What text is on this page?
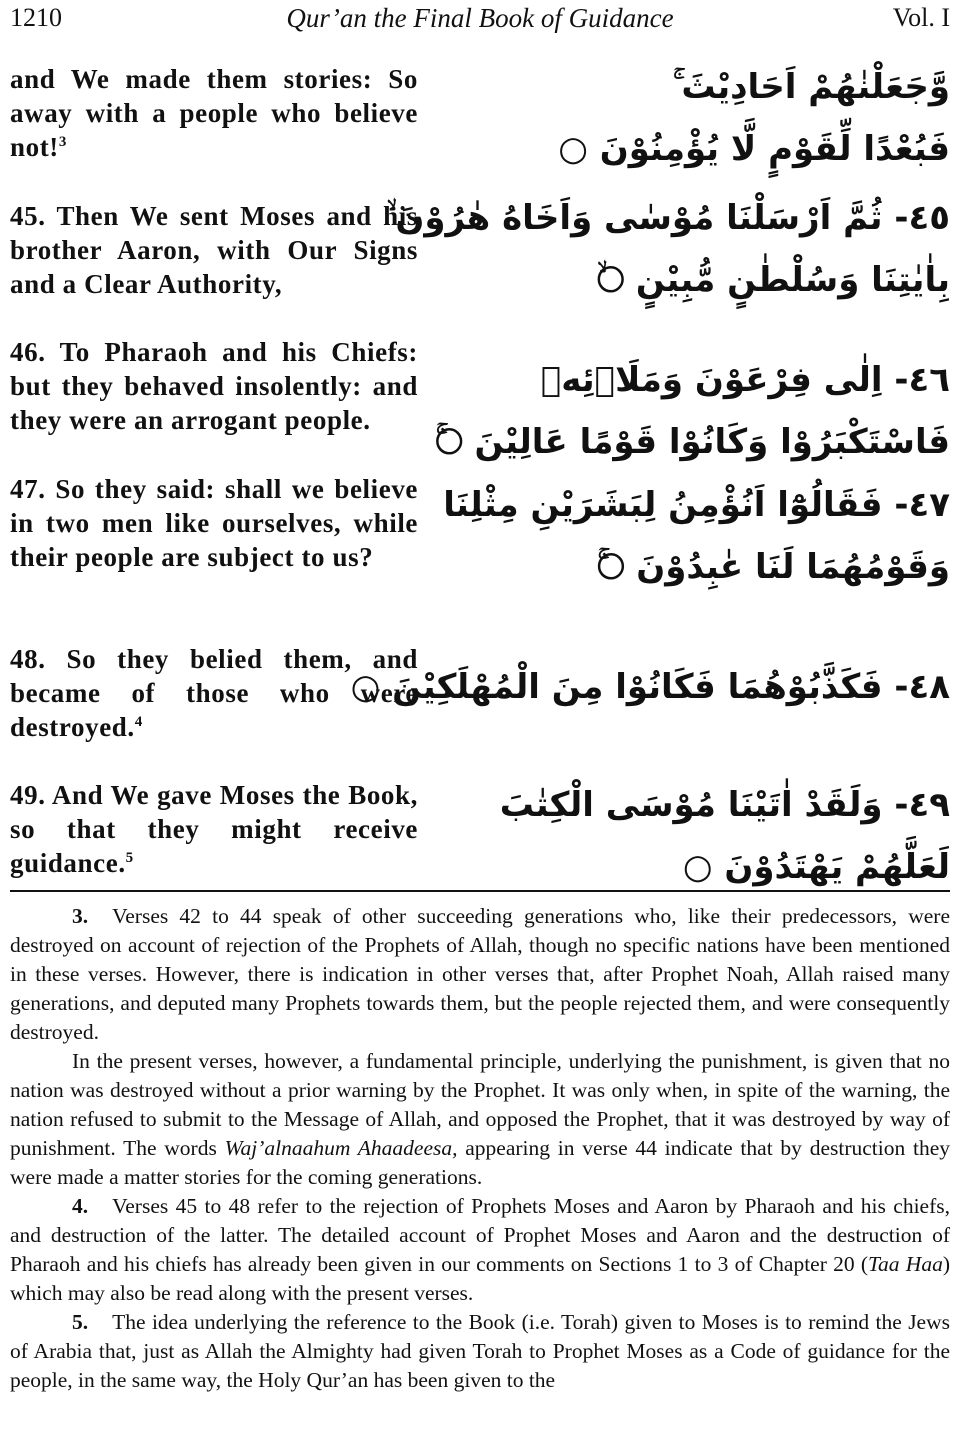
1210	Qur’an the Final Book of Guidance	Vol. I
and We made them stories: So away with a people who believe not!$^3$
وَّجَعَلْنٰهُمْ اَحَادِيْثَ ۚ
فَبُعْدًا لِّقَوْمٍ لَّا يُؤْمِنُوْنَ ○
45. Then We sent Moses and his brother Aaron, with Our Signs and a Clear Authority,
٤٥- ثُمَّ اَرْسَلْنَا مُوْسٰى وَاَخَاهُ هٰرُوْنَ ۙ
بِاٰيٰتِنَا وَسُلْطٰنٍ مُّبِيْنٍ ○ۙ
46. To Pharaoh and his Chiefs: but they behaved insolently: and they were an arrogant people.
٤٦- اِلٰى فِرْعَوْنَ وَمَلَا۟ئِهٖ
فَاسْتَكْبَرُوْا وَكَانُوْا قَوْمًا عَالِيْنَ ○ۚ
47. So they said: shall we believe in two men like ourselves, while their people are subject to us?
٤٧- فَقَالُوْٓا اَنُؤْمِنُ لِبَشَرَيْنِ مِثْلِنَا
وَقَوْمُهُمَا لَنَا عٰبِدُوْنَ ○ۚ
48. So they belied them, and became of those who were destroyed.$^4$
٤٨- فَكَذَّبُوْهُمَا فَكَانُوْا مِنَ الْمُهْلَكِيْنَ ○
49. And We gave Moses the Book, so that they might receive guidance.$^5$
٤٩- وَلَقَدْ اٰتَيْنَا مُوْسَى الْكِتٰبَ
لَعَلَّهُمْ يَهْتَدُوْنَ ○

3. Verses 42 to 44 speak of other succeeding generations who, like their predecessors, were destroyed on account of rejection of the Prophets of Allah, though no specific nations have been mentioned in these verses. However, there is indication in other verses that, after Prophet Noah, Allah raised many generations, and deputed many Prophets towards them, but the people rejected them, and were consequently destroyed.

In the present verses, however, a fundamental principle, underlying the punishment, is given that no nation was destroyed without a prior warning by the Prophet. It was only when, in spite of the warning, the nation refused to submit to the Message of Allah, and opposed the Prophet, that it was destroyed by way of punishment. The words Waj’alnaahum Ahaadeesa, appearing in verse 44 indicate that by destruction they were made a matter stories for the coming generations.

4. Verses 45 to 48 refer to the rejection of Prophets Moses and Aaron by Pharaoh and his chiefs, and destruction of the latter. The detailed account of Prophet Moses and Aaron and the destruction of Pharaoh and his chiefs has already been given in our comments on Sections 1 to 3 of Chapter 20 (Taa Haa) which may also be read along with the present verses.

5. The idea underlying the reference to the Book (i.e. Torah) given to Moses is to remind the Jews of Arabia that, just as Allah the Almighty had given Torah to Prophet Moses as a Code of guidance for the people, in the same way, the Holy Qur’an has been given to the
